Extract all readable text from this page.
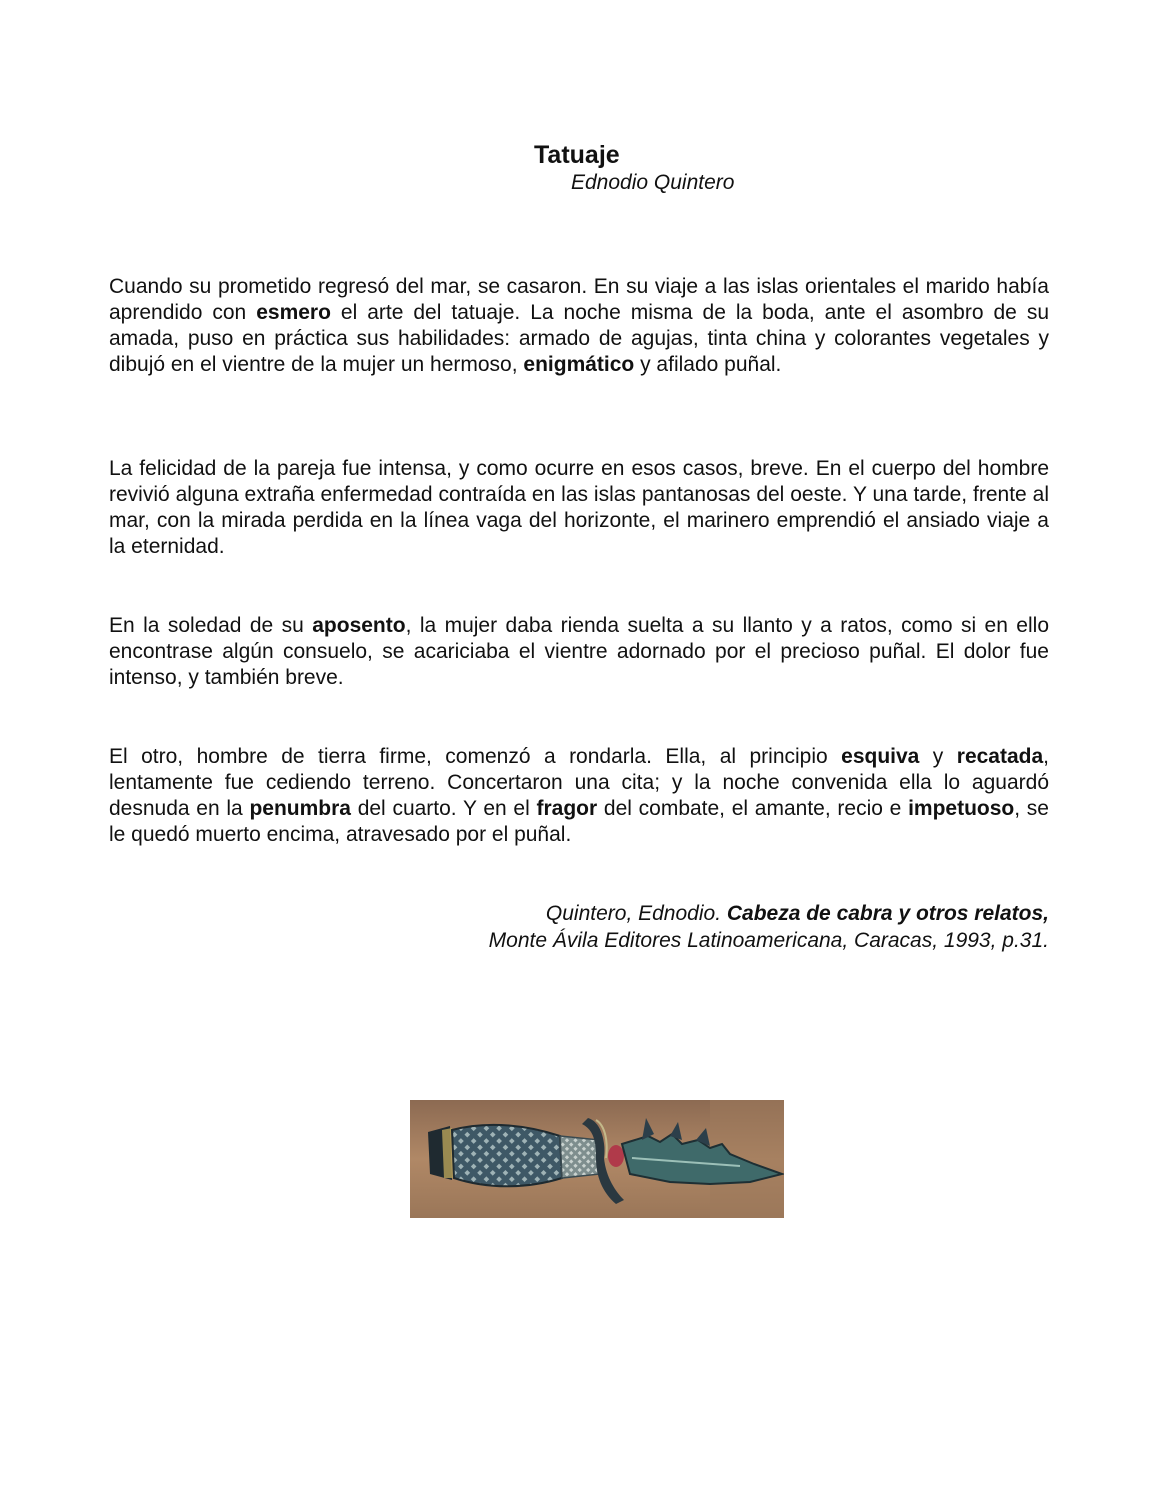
Tatuaje

Ednodio Quintero

Cuando su prometido regresó del mar, se casaron. En su viaje a las islas orientales el marido había aprendido con esmero el arte del tatuaje. La noche misma de la boda, ante el asombro de su amada, puso en práctica sus habilidades: armado de agujas, tinta china y colorantes vegetales y dibujó en el vientre de la mujer un hermoso, enigmático y afilado puñal.

La felicidad de la pareja fue intensa, y como ocurre en esos casos, breve. En el cuerpo del hombre revivió alguna extraña enfermedad contraída en las islas pantanosas del oeste. Y una tarde, frente al mar, con la mirada perdida en la línea vaga del horizonte, el marinero emprendió el ansiado viaje a la eternidad.

En la soledad de su aposento, la mujer daba rienda suelta a su llanto y a ratos, como si en ello encontrase algún consuelo, se acariciaba el vientre adornado por el precioso puñal. El dolor fue intenso, y también breve.

El otro, hombre de tierra firme, comenzó a rondarla. Ella, al principio esquiva y recatada, lentamente fue cediendo terreno. Concertaron una cita; y la noche convenida ella lo aguardó desnuda en la penumbra del cuarto. Y en el fragor del combate, el amante, recio e impetuoso, se le quedó muerto encima, atravesado por el puñal.

Quintero, Ednodio. Cabeza de cabra y otros relatos,
Monte Ávila Editores Latinoamericana, Caracas, 1993, p.31.
